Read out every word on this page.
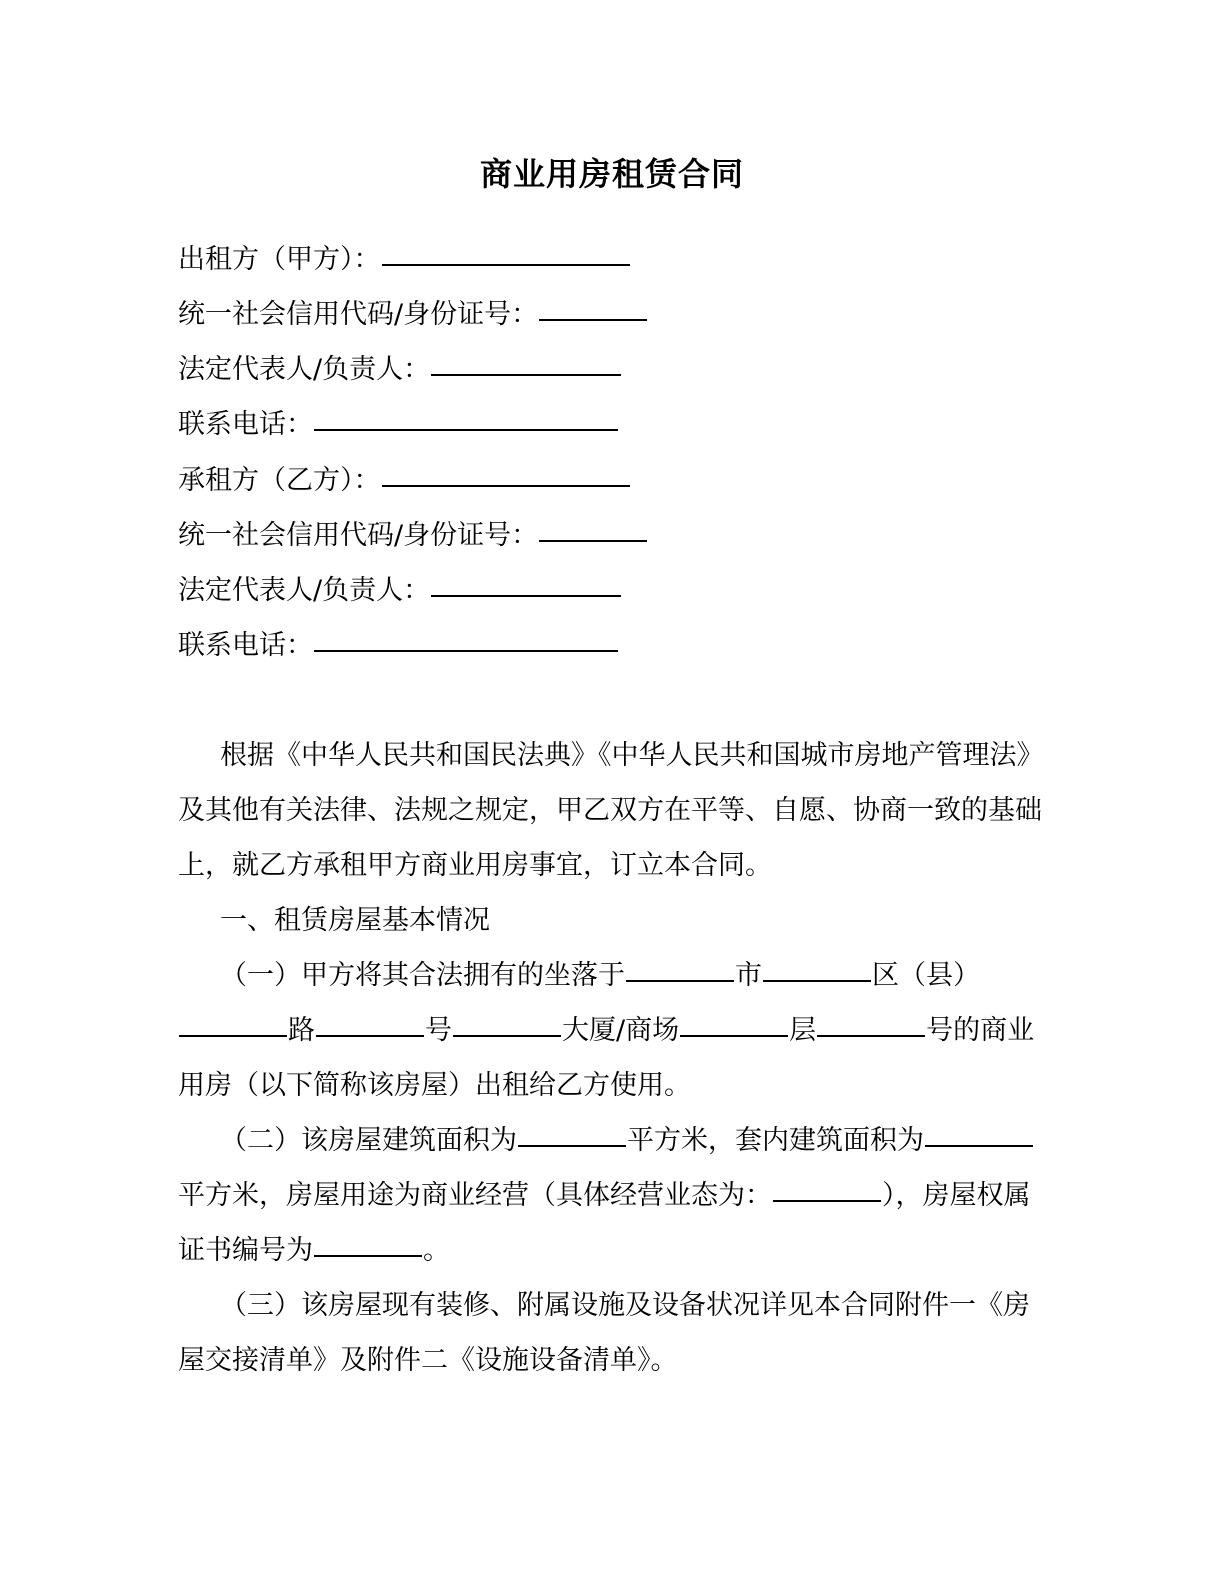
商业用房租赁合同
出租方（甲方）：
统一社会信用代码/身份证号：
法定代表人/负责人：
联系电话：
承租方（乙方）：
统一社会信用代码/身份证号：
法定代表人/负责人：
联系电话：

根据《中华人民共和国民法典》《中华人民共和国城市房地产管理法》及其他有关法律、法规之规定，甲乙双方在平等、自愿、协商一致的基础上，就乙方承租甲方商业用房事宜，订立本合同。

一、租赁房屋基本情况

（一）甲方将其合法拥有的坐落于	市	区（县）路	号	大厦/商场	层	号的商业用房（以下简称该房屋）出租给乙方使用。

（二）该房屋建筑面积为	平方米，套内建筑面积为平方米，房屋用途为商业经营（具体经营业态为：	），房屋权属证书编号为	。

（三）该房屋现有装修、附属设施及设备状况详见本合同附件一《房屋交接清单》及附件二《设施设备清单》。
